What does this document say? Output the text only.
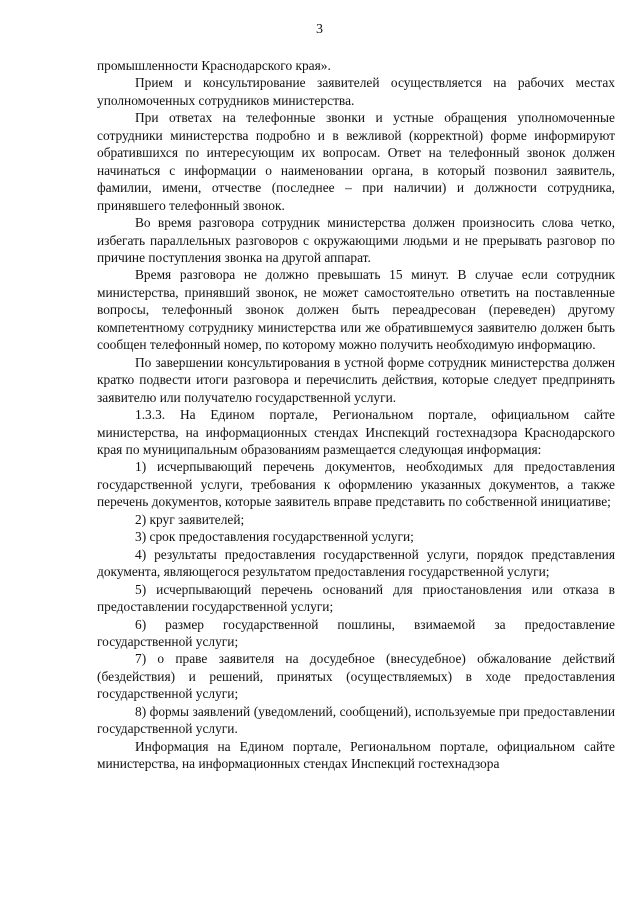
3

промышленности Краснодарского края».

Прием и консультирование заявителей осуществляется на рабочих местах уполномоченных сотрудников министерства.

При ответах на телефонные звонки и устные обращения уполномоченные сотрудники министерства подробно и в вежливой (корректной) форме информируют обратившихся по интересующим их вопросам. Ответ на телефонный звонок должен начинаться с информации о наименовании органа, в который позвонил заявитель, фамилии, имени, отчестве (последнее – при наличии) и должности сотрудника, принявшего телефонный звонок.

Во время разговора сотрудник министерства должен произносить слова четко, избегать параллельных разговоров с окружающими людьми и не прерывать разговор по причине поступления звонка на другой аппарат.

Время разговора не должно превышать 15 минут. В случае если сотрудник министерства, принявший звонок, не может самостоятельно ответить на поставленные вопросы, телефонный звонок должен быть переадресован (переведен) другому компетентному сотруднику министерства или же обратившемуся заявителю должен быть сообщен телефонный номер, по которому можно получить необходимую информацию.

По завершении консультирования в устной форме сотрудник министерства должен кратко подвести итоги разговора и перечислить действия, которые следует предпринять заявителю или получателю государственной услуги.

1.3.3. На Едином портале, Региональном портале, официальном сайте министерства, на информационных стендах Инспекций гостехнадзора Краснодарского края по муниципальным образованиям размещается следующая информация:

1) исчерпывающий перечень документов, необходимых для предоставления государственной услуги, требования к оформлению указанных документов, а также перечень документов, которые заявитель вправе представить по собственной инициативе;

2) круг заявителей;

3) срок предоставления государственной услуги;

4) результаты предоставления государственной услуги, порядок представления документа, являющегося результатом предоставления государственной услуги;

5) исчерпывающий перечень оснований для приостановления или отказа в предоставлении государственной услуги;

6) размер государственной пошлины, взимаемой за предоставление государственной услуги;

7) о праве заявителя на досудебное (внесудебное) обжалование действий (бездействия) и решений, принятых (осуществляемых) в ходе предоставления государственной услуги;

8) формы заявлений (уведомлений, сообщений), используемые при предоставлении государственной услуги.

Информация на Едином портале, Региональном портале, официальном сайте министерства, на информационных стендах Инспекций гостехнадзора
